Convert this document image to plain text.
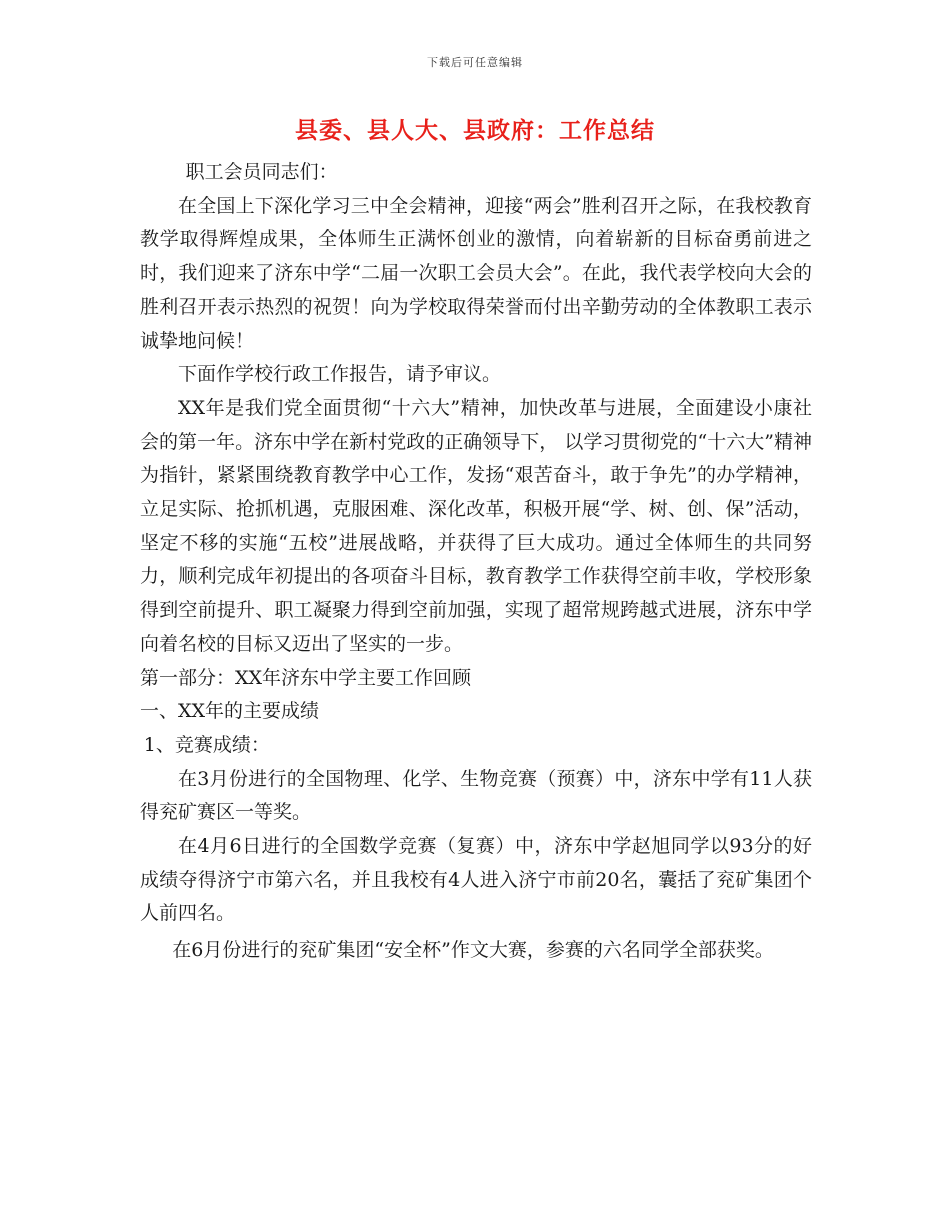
下载后可任意编辑
县委、县人大、县政府：工作总结

职工会员同志们：

在全国上下深化学习三中全会精神，迎接“两会”胜利召开之际，在我校教育教学取得辉煌成果，全体师生正满怀创业的激情，向着崭新的目标奋勇前进之时，我们迎来了济东中学“二届一次职工会员大会”。在此，我代表学校向大会的胜利召开表示热烈的祝贺！向为学校取得荣誉而付出辛勤劳动的全体教职工表示诚挚地问候！

下面作学校行政工作报告，请予审议。

XX年是我们党全面贯彻“十六大”精神，加快改革与进展，全面建设小康社会的第一年。济东中学在新村党政的正确领导下， 以学习贯彻党的“十六大”精神为指针，紧紧围绕教育教学中心工作，发扬“艰苦奋斗，敢于争先”的办学精神，立足实际、抢抓机遇，克服困难、深化改革，积极开展“学、树、创、保”活动，坚定不移的实施“五校”进展战略，并获得了巨大成功。通过全体师生的共同努力，顺利完成年初提出的各项奋斗目标，教育教学工作获得空前丰收，学校形象得到空前提升、职工凝聚力得到空前加强，实现了超常规跨越式进展，济东中学向着名校的目标又迈出了坚实的一步。

第一部分：XX年济东中学主要工作回顾

一、XX年的主要成绩

1、竞赛成绩：

在3月份进行的全国物理、化学、生物竞赛（预赛）中，济东中学有11人获得兖矿赛区一等奖。

在4月6日进行的全国数学竞赛（复赛）中，济东中学赵旭同学以93分的好成绩夺得济宁市第六名，并且我校有4人进入济宁市前20名，囊括了兖矿集团个人前四名。

在6月份进行的兖矿集团“安全杯”作文大赛，参赛的六名同学全部获奖。
